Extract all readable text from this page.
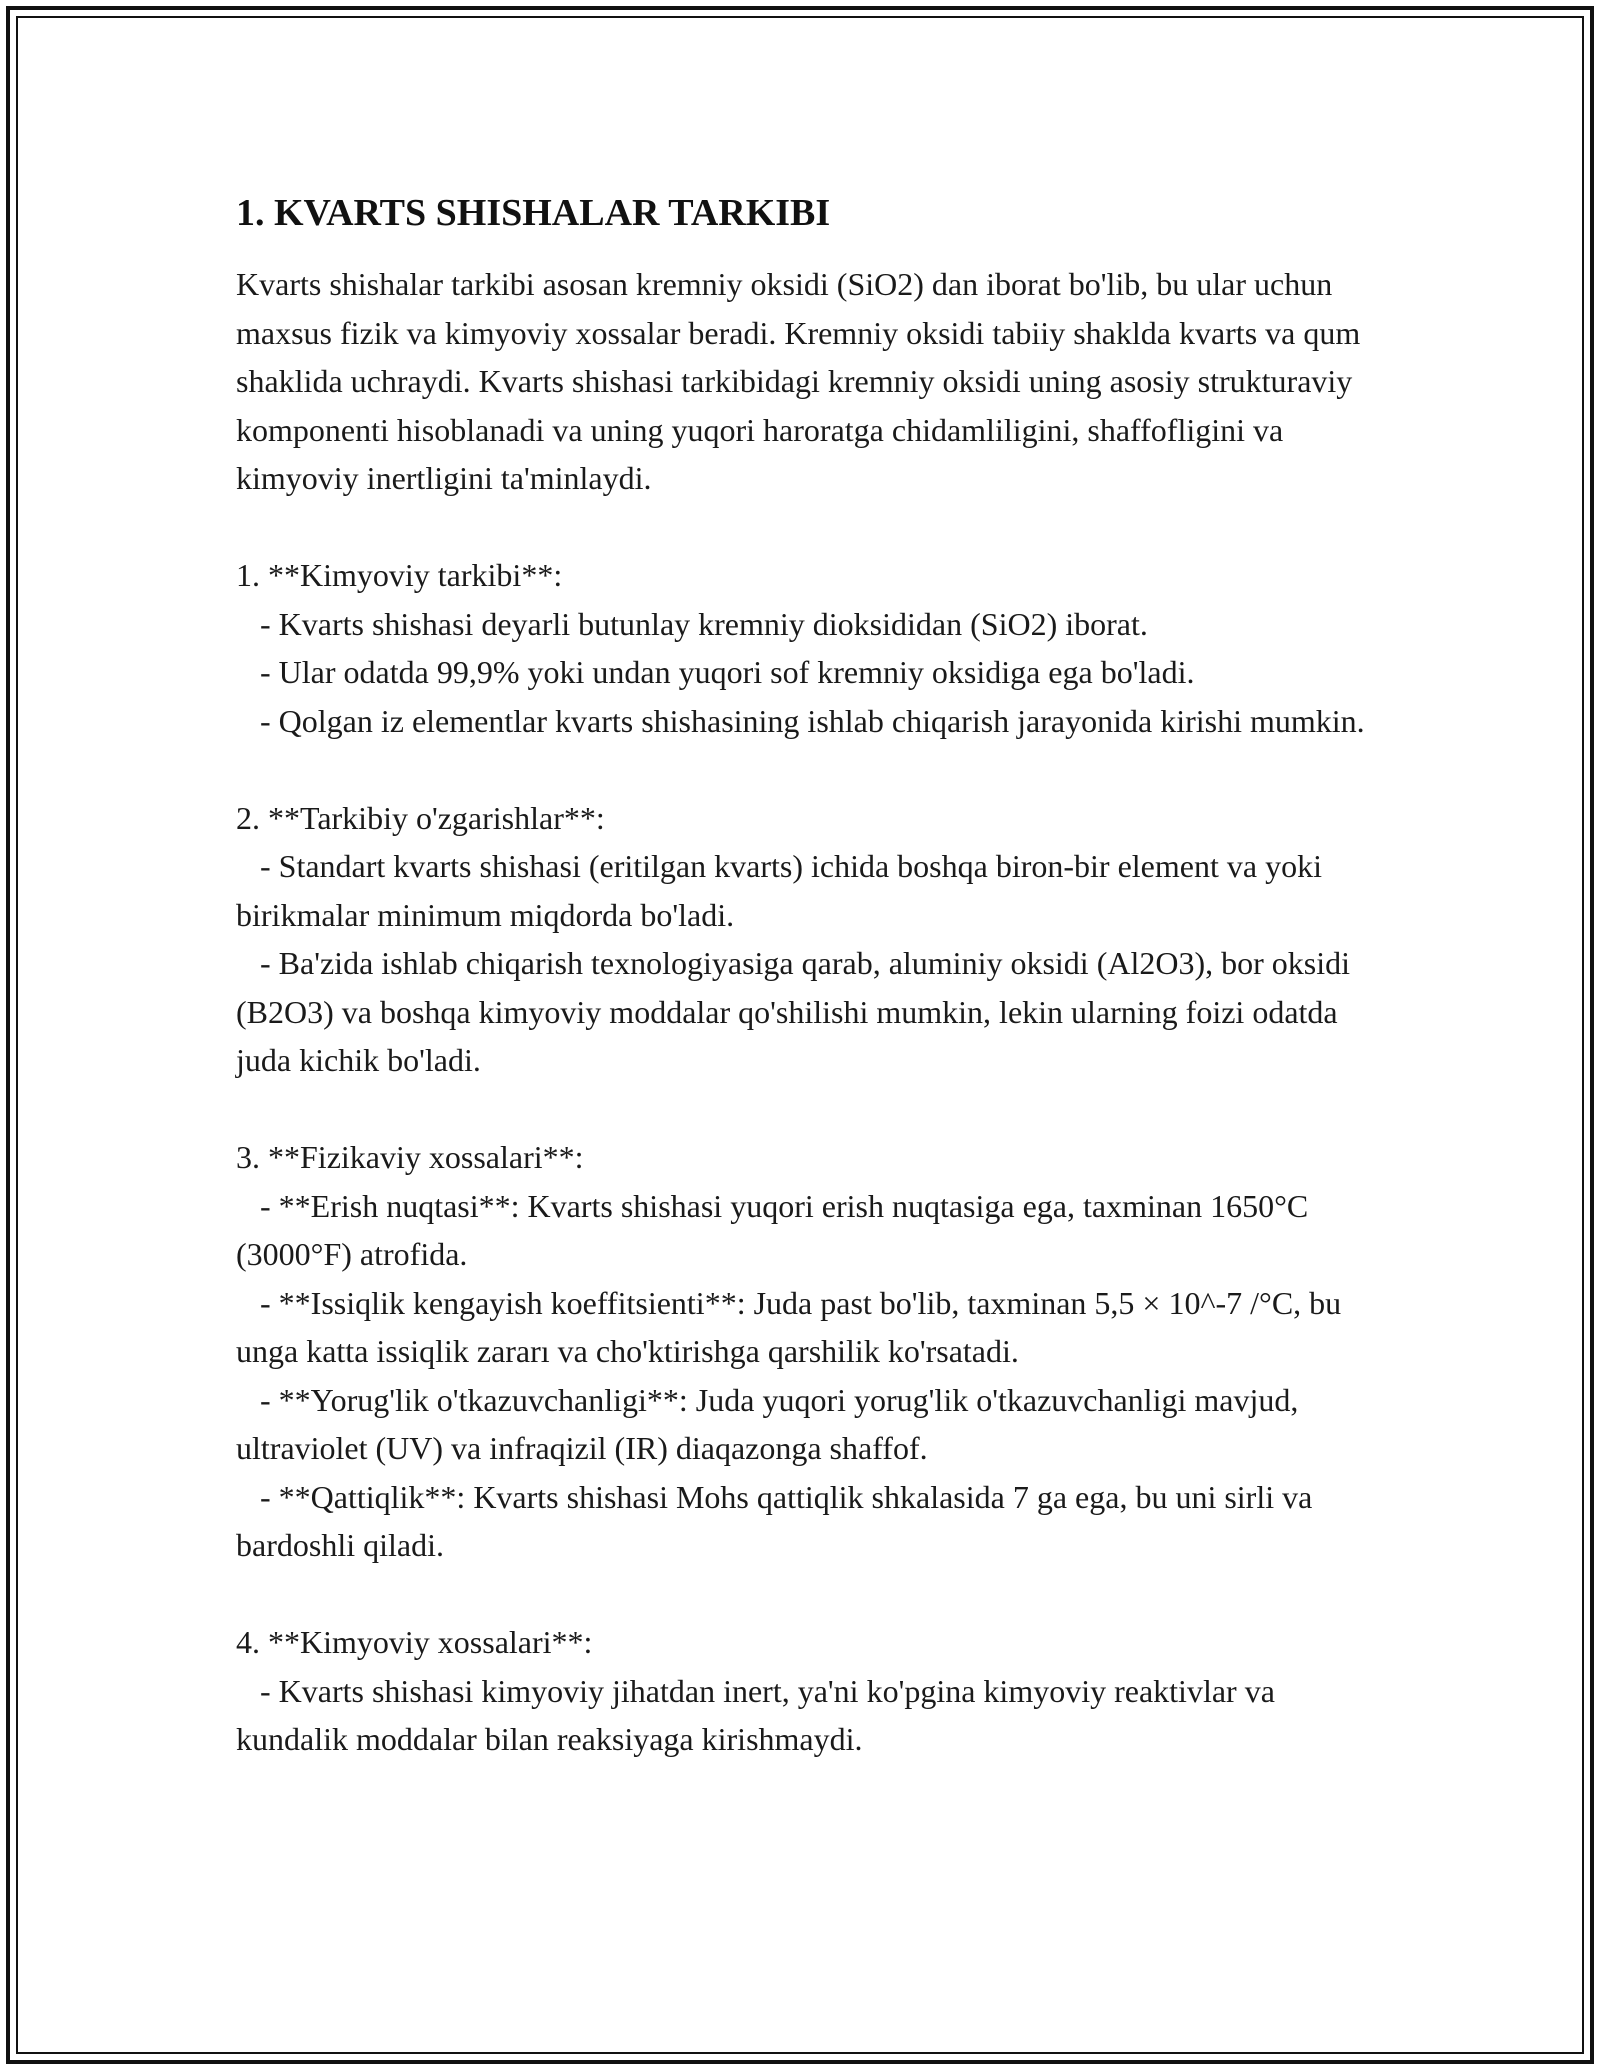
1. KVARTS SHISHALAR TARKIBI

Kvarts shishalar tarkibi asosan kremniy oksidi (SiO2) dan iborat bo'lib, bu ular uchun maxsus fizik va kimyoviy xossalar beradi. Kremniy oksidi tabiiy shaklda kvarts va qum shaklida uchraydi. Kvarts shishasi tarkibidagi kremniy oksidi uning asosiy strukturaviy komponenti hisoblanadi va uning yuqori haroratga chidamliligini, shaffofligini va kimyoviy inertligini ta'minlaydi.

1. **Kimyoviy tarkibi**:

- Kvarts shishasi deyarli butunlay kremniy dioksididan (SiO2) iborat.

- Ular odatda 99,9% yoki undan yuqori sof kremniy oksidiga ega bo'ladi.

- Qolgan iz elementlar kvarts shishasining ishlab chiqarish jarayonida kirishi mumkin.

2. **Tarkibiy o'zgarishlar**:

- Standart kvarts shishasi (eritilgan kvarts) ichida boshqa biron-bir element va yoki birikmalar minimum miqdorda bo'ladi.

- Ba'zida ishlab chiqarish texnologiyasiga qarab, aluminiy oksidi (Al2O3), bor oksidi (B2O3) va boshqa kimyoviy moddalar qo'shilishi mumkin, lekin ularning foizi odatda juda kichik bo'ladi.

3. **Fizikaviy xossalari**:

- **Erish nuqtasi**: Kvarts shishasi yuqori erish nuqtasiga ega, taxminan 1650°C (3000°F) atrofida.

- **Issiqlik kengayish koeffitsienti**: Juda past bo'lib, taxminan 5,5 × 10^-7 /°C, bu unga katta issiqlik zararı va cho'ktirishga qarshilik ko'rsatadi.

- **Yorug'lik o'tkazuvchanligi**: Juda yuqori yorug'lik o'tkazuvchanligi mavjud, ultraviolet (UV) va infraqizil (IR) diaqazonga shaffof.

- **Qattiqlik**: Kvarts shishasi Mohs qattiqlik shkalasida 7 ga ega, bu uni sirli va bardoshli qiladi.

4. **Kimyoviy xossalari**:

- Kvarts shishasi kimyoviy jihatdan inert, ya'ni ko'pgina kimyoviy reaktivlar va kundalik moddalar bilan reaksiyaga kirishmaydi.
